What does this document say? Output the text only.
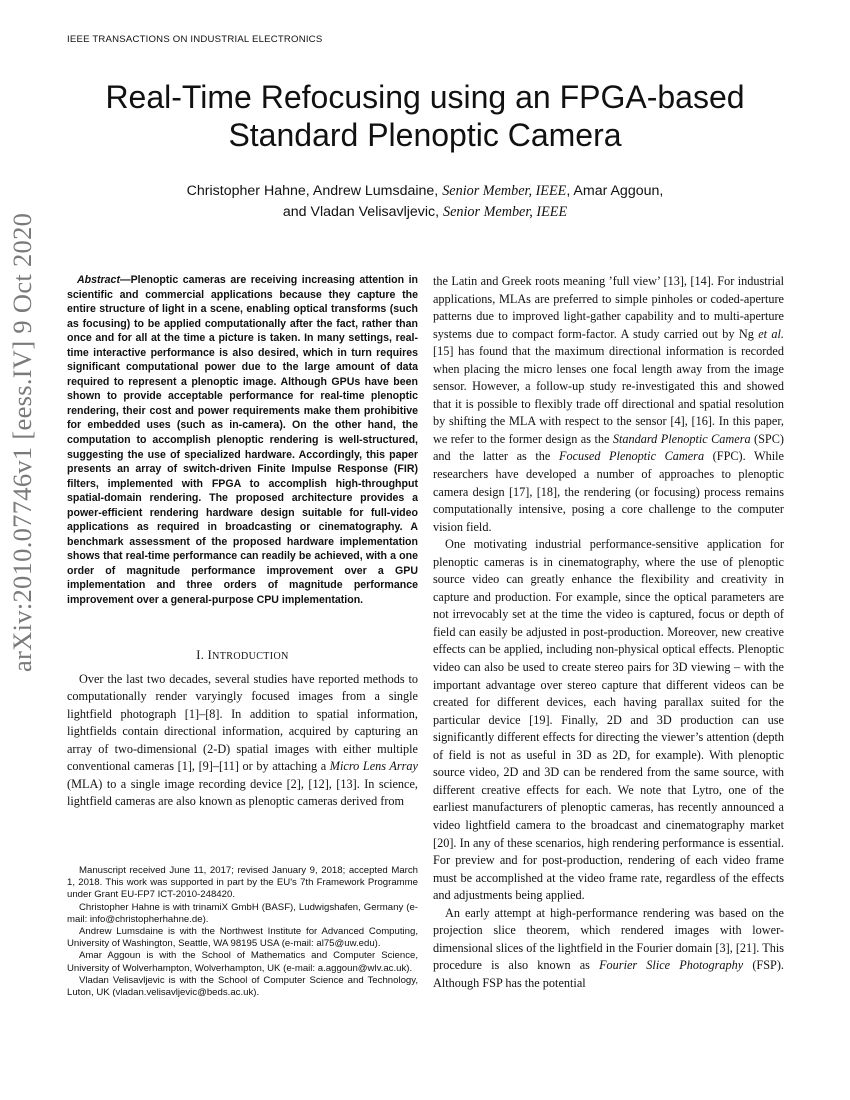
IEEE TRANSACTIONS ON INDUSTRIAL ELECTRONICS
Real-Time Refocusing using an FPGA-based
Standard Plenoptic Camera
Christopher Hahne, Andrew Lumsdaine, Senior Member, IEEE, Amar Aggoun,
and Vladan Velisavljevic, Senior Member, IEEE
arXiv:2010.07746v1 [eess.IV] 9 Oct 2020	Abstract—Plenoptic cameras are receiving increasing attention in scientific and commercial applications because they capture the entire structure of light in a scene, enabling optical transforms (such as focusing) to be applied computationally after the fact, rather than once and for all at the time a picture is taken. In many settings, real-time interactive performance is also desired, which in turn requires significant computational power due to the large amount of data required to represent a plenoptic image. Although GPUs have been shown to provide acceptable performance for real-time plenoptic rendering, their cost and power requirements make them prohibitive for embedded uses (such as in-camera). On the other hand, the computation to accomplish plenoptic rendering is well-structured, suggesting the use of specialized hardware. Accordingly, this paper presents an array of switch-driven Finite Impulse Response (FIR) filters, implemented with FPGA to accomplish high-throughput spatial-domain rendering. The proposed architecture provides a power-efficient rendering hardware design suitable for full-video applications as required in broadcasting or cinematography. A benchmark assessment of the proposed hardware implementation shows that real-time performance can readily be achieved, with a one order of magnitude performance improvement over a GPU implementation and three orders of magnitude performance improvement over a general-purpose CPU implementation.

I. INTRODUCTION

Over the last two decades, several studies have reported methods to computationally render varyingly focused images from a single lightfield photograph [1]–[8]. In addition to spatial information, lightfields contain directional information, acquired by capturing an array of two-dimensional (2-D) spatial images with either multiple conventional cameras [1], [9]–[11] or by attaching a Micro Lens Array (MLA) to a single image recording device [2], [12], [13]. In science, lightfield cameras are also known as plenoptic cameras derived from

Manuscript received June 11, 2017; revised January 9, 2018; accepted March 1, 2018. This work was supported in part by the EU's 7th Framework Programme under Grant EU-FP7 ICT-2010-248420.

Christopher Hahne is with trinamiX GmbH (BASF), Ludwigshafen, Germany (e-mail: info@christopherhahne.de).

Andrew Lumsdaine is with the Northwest Institute for Advanced Computing, University of Washington, Seattle, WA 98195 USA (e-mail: al75@uw.edu).

Amar Aggoun is with the School of Mathematics and Computer Science, University of Wolverhampton, Wolverhampton, UK (e-mail: a.aggoun@wlv.ac.uk).

Vladan Velisavljevic is with the School of Computer Science and Technology, Luton, UK (vladan.velisavljevic@beds.ac.uk).

the Latin and Greek roots meaning ’full view’ [13], [14]. For industrial applications, MLAs are preferred to simple pinholes or coded-aperture patterns due to improved light-gather capability and to multi-aperture systems due to compact form-factor. A study carried out by Ng et al. [15] has found that the maximum directional information is recorded when placing the micro lenses one focal length away from the image sensor. However, a follow-up study re-investigated this and showed that it is possible to flexibly trade off directional and spatial resolution by shifting the MLA with respect to the sensor [4], [16]. In this paper, we refer to the former design as the Standard Plenoptic Camera (SPC) and the latter as the Focused Plenoptic Camera (FPC). While researchers have developed a number of approaches to plenoptic camera design [17], [18], the rendering (or focusing) process remains computationally intensive, posing a core challenge to the computer vision field.

One motivating industrial performance-sensitive application for plenoptic cameras is in cinematography, where the use of plenoptic source video can greatly enhance the flexibility and creativity in capture and production. For example, since the optical parameters are not irrevocably set at the time the video is captured, focus or depth of field can easily be adjusted in post-production. Moreover, new creative effects can be applied, including non-physical optical effects. Plenoptic video can also be used to create stereo pairs for 3D viewing – with the important advantage over stereo capture that different videos can be created for different devices, each having parallax suited for the particular device [19]. Finally, 2D and 3D production can use significantly different effects for directing the viewer’s attention (depth of field is not as useful in 3D as 2D, for example). With plenoptic source video, 2D and 3D can be rendered from the same source, with different creative effects for each. We note that Lytro, one of the earliest manufacturers of plenoptic cameras, has recently announced a video lightfield camera to the broadcast and cinematography market [20]. In any of these scenarios, high rendering performance is essential. For preview and for post-production, rendering of each video frame must be accomplished at the video frame rate, regardless of the effects and adjustments being applied.

An early attempt at high-performance rendering was based on the projection slice theorem, which rendered images with lower-dimensional slices of the lightfield in the Fourier domain [3], [21]. This procedure is also known as Fourier Slice Photography (FSP). Although FSP has the potential
